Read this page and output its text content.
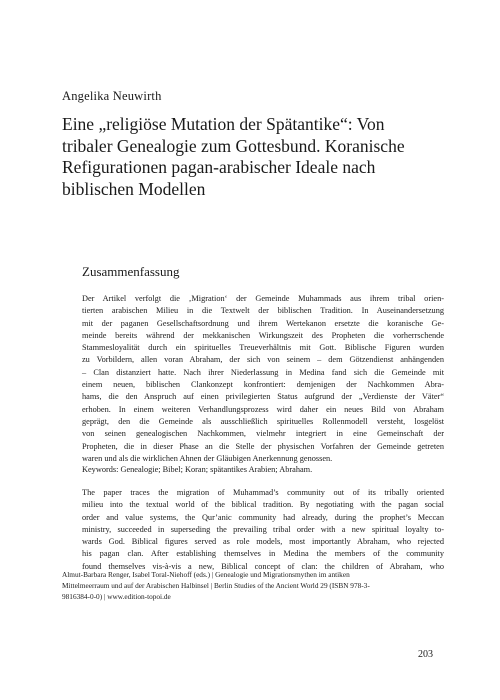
Angelika Neuwirth
Eine „religiöse Mutation der Spätantike“: Von
tribaler Genealogie zum Gottesbund. Koranische
Refigurationen pagan-arabischer Ideale nach
biblischen Modellen
Zusammenfassung
Der Artikel verfolgt die ‚Migration‘ der Gemeinde Muhammads aus ihrem tribal orien-
tierten arabischen Milieu in die Textwelt der biblischen Tradition. In Auseinandersetzung
mit der paganen Gesellschaftsordnung und ihrem Wertekanon ersetzte die koranische Ge-
meinde bereits während der mekkanischen Wirkungszeit des Propheten die vorherrschende
Stammesloyalität durch ein spirituelles Treueverhältnis mit Gott. Biblische Figuren wurden
zu Vorbildern, allen voran Abraham, der sich von seinem – dem Götzendienst anhängenden
– Clan distanziert hatte. Nach ihrer Niederlassung in Medina fand sich die Gemeinde mit
einem neuen, biblischen Clankonzept konfrontiert: demjenigen der Nachkommen Abra-
hams, die den Anspruch auf einen privilegierten Status aufgrund der „Verdienste der Väter“
erhoben. In einem weiteren Verhandlungsprozess wird daher ein neues Bild von Abraham
geprägt, den die Gemeinde als ausschließlich spirituelles Rollenmodell versteht, losgelöst
von seinen genealogischen Nachkommen, vielmehr integriert in eine Gemeinschaft der
Propheten, die in dieser Phase an die Stelle der physischen Vorfahren der Gemeinde getreten
waren und als die wirklichen Ahnen der Gläubigen Anerkennung genossen.
Keywords: Genealogie; Bibel; Koran; spätantikes Arabien; Abraham.
The paper traces the migration of Muhammad’s community out of its tribally oriented
milieu into the textual world of the biblical tradition. By negotiating with the pagan social
order and value systems, the Qur’anic community had already, during the prophet’s Meccan
ministry, succeeded in superseding the prevailing tribal order with a new spiritual loyalty to-
wards God. Biblical figures served as role models, most importantly Abraham, who rejected
his pagan clan. After establishing themselves in Medina the members of the community
found themselves vis-à-vis a new, Biblical concept of clan: the children of Abraham, who
Almut-Barbara Renger, Isabel Toral-Niehoff (eds.) | Genealogie und Migrationsmythen im antiken
Mittelmeerraum und auf der Arabischen Halbinsel | Berlin Studies of the Ancient World 29 (ISBN 978-3-
9816384-0-0) | www.edition-topoi.de
203
